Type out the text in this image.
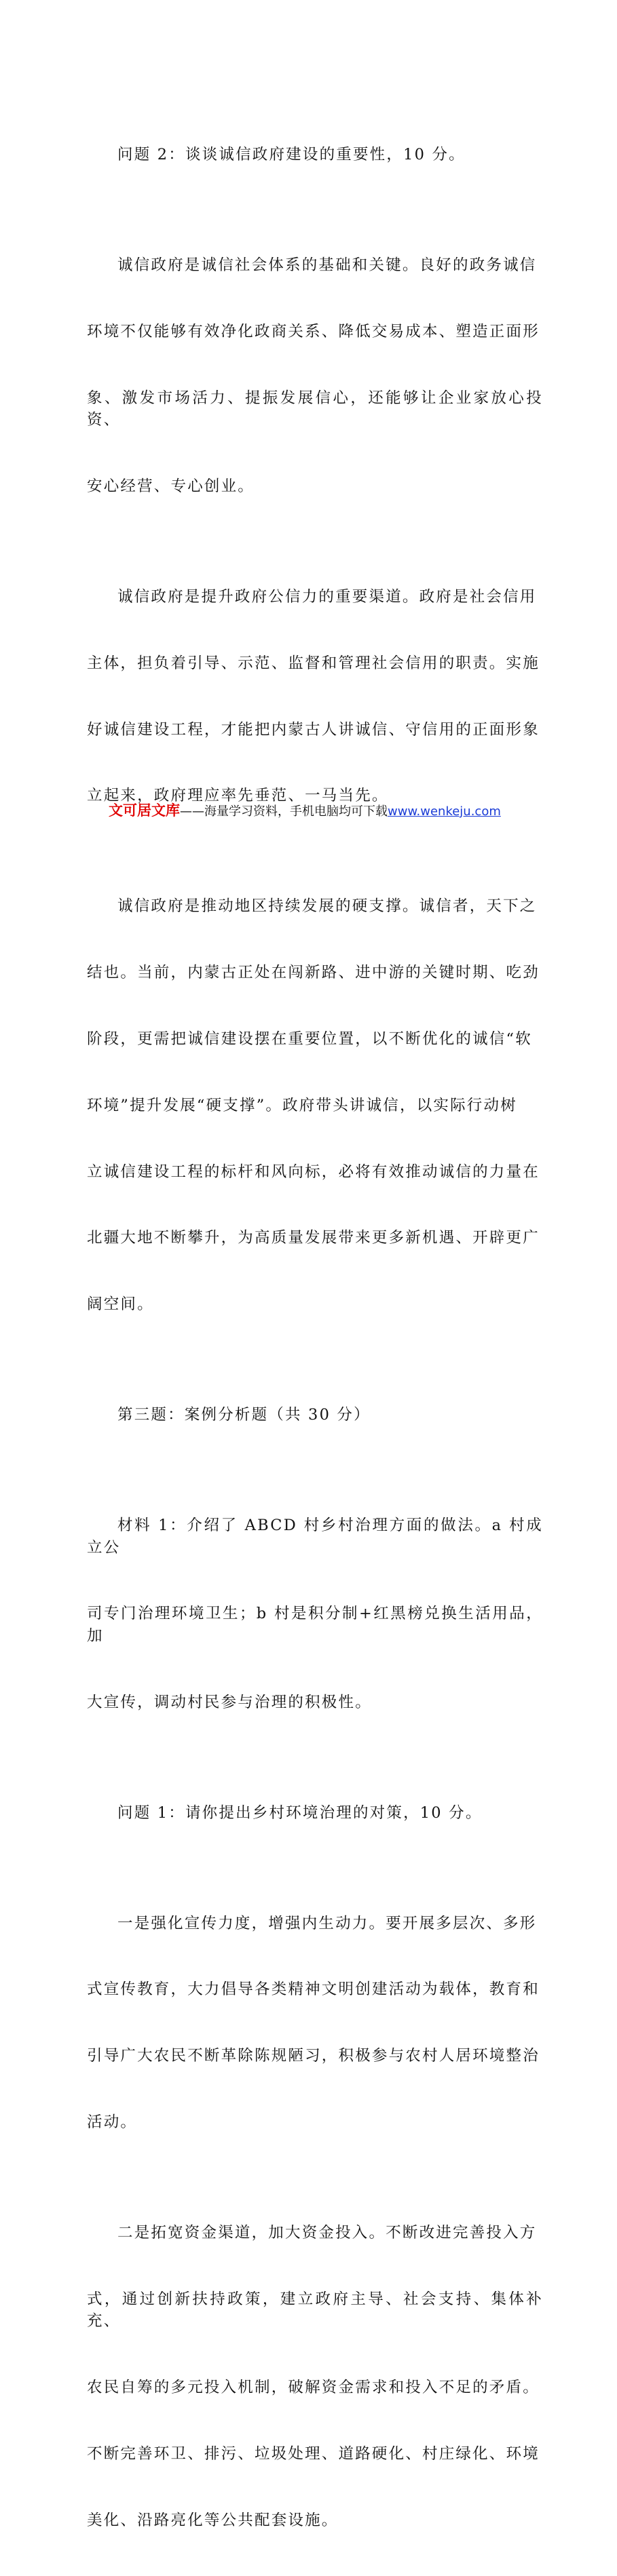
问题 2：谈谈诚信政府建设的重要性，10 分。

诚信政府是诚信社会体系的基础和关键。良好的政务诚信

环境不仅能够有效净化政商关系、降低交易成本、塑造正面形

象、激发市场活力、提振发展信心，还能够让企业家放心投资、

安心经营、专心创业。

诚信政府是提升政府公信力的重要渠道。政府是社会信用

主体，担负着引导、示范、监督和管理社会信用的职责。实施

好诚信建设工程，才能把内蒙古人讲诚信、守信用的正面形象

立起来，政府理应率先垂范、一马当先。

诚信政府是推动地区持续发展的硬支撑。诚信者，天下之

结也。当前，内蒙古正处在闯新路、进中游的关键时期、吃劲

阶段，更需把诚信建设摆在重要位置，以不断优化的诚信“软

环境”提升发展“硬支撑”。政府带头讲诚信，以实际行动树

立诚信建设工程的标杆和风向标，必将有效推动诚信的力量在

北疆大地不断攀升，为高质量发展带来更多新机遇、开辟更广

阔空间。

第三题：案例分析题（共 30 分）

材料 1：介绍了 ABCD 村乡村治理方面的做法。a 村成立公

司专门治理环境卫生；b 村是积分制+红黑榜兑换生活用品，加

大宣传，调动村民参与治理的积极性。

问题 1：请你提出乡村环境治理的对策，10 分。

一是强化宣传力度，增强内生动力。要开展多层次、多形

式宣传教育，大力倡导各类精神文明创建活动为载体，教育和

引导广大农民不断革除陈规陋习，积极参与农村人居环境整治

活动。

二是拓宽资金渠道，加大资金投入。不断改进完善投入方

式，通过创新扶持政策，建立政府主导、社会支持、集体补充、

农民自筹的多元投入机制，破解资金需求和投入不足的矛盾。

不断完善环卫、排污、垃圾处理、道路硬化、村庄绿化、环境

美化、沿路亮化等公共配套设施。

文可居文库——海量学习资料，手机电脑均可下载www.wenkeju.com
